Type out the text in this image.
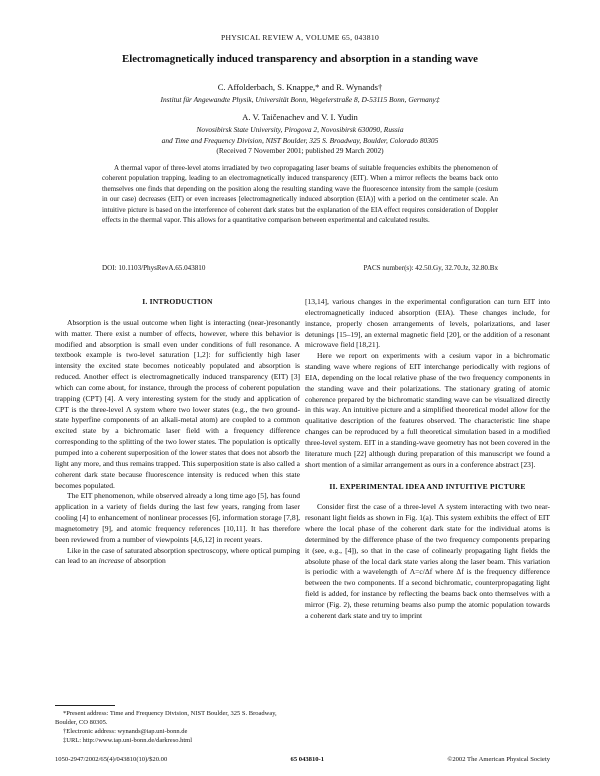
PHYSICAL REVIEW A, VOLUME 65, 043810
Electromagnetically induced transparency and absorption in a standing wave
C. Affolderbach, S. Knappe,* and R. Wynands†
Institut für Angewandte Physik, Universität Bonn, Wegelerstraße 8, D-53115 Bonn, Germany‡
A. V. Taičenachev and V. I. Yudin
Novosibirsk State University, Pirogova 2, Novosibirsk 630090, Russia
and Time and Frequency Division, NIST Boulder, 325 S. Broadway, Boulder, Colorado 80305
(Received 7 November 2001; published 29 March 2002)
A thermal vapor of three-level atoms irradiated by two copropagating laser beams of suitable frequencies exhibits the phenomenon of coherent population trapping, leading to an electromagnetically induced transparency (EIT). When a mirror reflects the beams back onto themselves one finds that depending on the position along the resulting standing wave the fluorescence intensity from the sample (cesium in our case) decreases (EIT) or even increases [electromagnetically induced absorption (EIA)] with a period on the centimeter scale. An intuitive picture is based on the interference of coherent dark states but the explanation of the EIA effect requires consideration of Doppler effects in the thermal vapor. This allows for a quantitative comparison between experimental and calculated results.
DOI: 10.1103/PhysRevA.65.043810	PACS number(s): 42.50.Gy, 32.70.Jz, 32.80.Bx
I. INTRODUCTION

Absorption is the usual outcome when light is interacting (near-)resonantly with matter. There exist a number of effects, however, where this behavior is modified and absorption is small even under conditions of full resonance. A textbook example is two-level saturation [1,2]: for sufficiently high laser intensity the excited state becomes noticeably populated and absorption is reduced. Another effect is electromagnetically induced transparency (EIT) [3] which can come about, for instance, through the process of coherent population trapping (CPT) [4]. A very interesting system for the study and application of CPT is the three-level Λ system where two lower states (e.g., the two ground-state hyperfine components of an alkali-metal atom) are coupled to a common excited state by a bichromatic laser field with a frequency difference corresponding to the splitting of the two lower states. The population is optically pumped into a coherent superposition of the lower states that does not absorb the light any more, and thus remains trapped. This superposition state is also called a coherent dark state because fluorescence intensity is reduced when this state becomes populated.

The EIT phenomenon, while observed already a long time ago [5], has found application in a variety of fields during the last few years, ranging from laser cooling [4] to enhancement of nonlinear processes [6], information storage [7,8], magnetometry [9], and atomic frequency references [10,11]. It has therefore been reviewed from a number of viewpoints [4,6,12] in recent years.

Like in the case of saturated absorption spectroscopy, where optical pumping can lead to an increase of absorption

*Present address: Time and Frequency Division, NIST Boulder, 325 S. Broadway, Boulder, CO 80305.

†Electronic address: wynands@iap.uni-bonn.de

‡URL: http://www.iap.uni-bonn.de/darkreso.html

[13,14], various changes in the experimental configuration can turn EIT into electromagnetically induced absorption (EIA). These changes include, for instance, properly chosen arrangements of levels, polarizations, and laser detunings [15–19], an external magnetic field [20], or the addition of a resonant microwave field [18,21].

Here we report on experiments with a cesium vapor in a bichromatic standing wave where regions of EIT interchange periodically with regions of EIA, depending on the local relative phase of the two frequency components in the standing wave and their polarizations. The stationary grating of atomic coherence prepared by the bichromatic standing wave can be visualized directly in this way. An intuitive picture and a simplified theoretical model allow for the qualitative description of the features observed. The characteristic line shape changes can be reproduced by a full theoretical simulation based in a modified three-level system. EIT in a standing-wave geometry has not been covered in the literature much [22] although during preparation of this manuscript we found a short mention of a similar arrangement as ours in a conference abstract [23].

II. EXPERIMENTAL IDEA AND INTUITIVE PICTURE

Consider first the case of a three-level Λ system interacting with two near-resonant light fields as shown in Fig. 1(a). This system exhibits the effect of EIT where the local phase of the coherent dark state for the individual atoms is determined by the difference phase of the two frequency components preparing it (see, e.g., [4]), so that in the case of colinearly propagating light fields the absolute phase of the local dark state varies along the laser beam. This variation is periodic with a wavelength of Λ=c/Δf where Δf is the frequency difference between the two components. If a second bichromatic, counterpropagating light field is added, for instance by reflecting the beams back onto themselves with a mirror (Fig. 2), these returning beams also pump the atomic population towards a coherent dark state and try to imprint

1050-2947/2002/65(4)/043810(10)/$20.00	65 043810-1	©2002 The American Physical Society
